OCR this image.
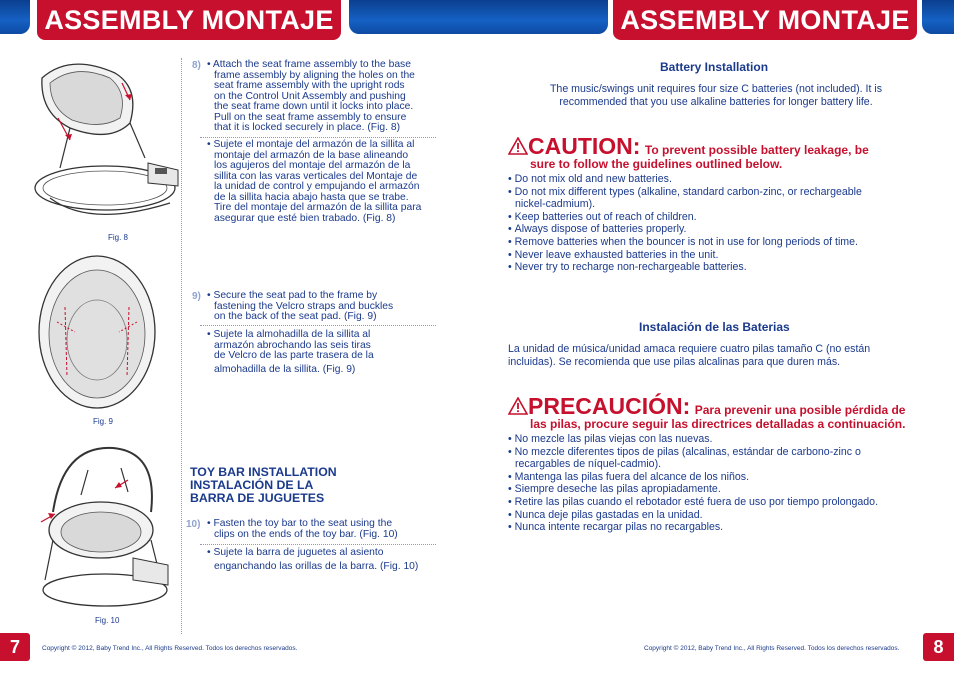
ASSEMBLY MONTAJE	ASSEMBLY MONTAJE
Fig. 8
Fig. 9
Fig. 10
8) • Attach the seat frame assembly to the base
frame assembly by aligning the holes on the
seat frame assembly with the upright rods
on the Control Unit Assembly and pushing
the seat frame down until it locks into place.
Pull on the seat frame assembly to ensure
that it is locked securely in place. (Fig. 8)
• Sujete el montaje del armazón de la sillita al
montaje del armazón de la base alineando
los agujeros del montaje del armazón de la
sillita con las varas verticales del Montaje de
la unidad de control y empujando el armazón
de la sillita hacia abajo hasta que se trabe.
Tire del montaje del armazón de la sillita para
asegurar que esté bien trabado. (Fig. 8)
9) • Secure the seat pad to the frame by
fastening the Velcro straps and buckles
on the back of the seat pad. (Fig. 9)
• Sujete la almohadilla de la sillita al
armazón abrochando las seis tiras
de Velcro de las parte trasera de la
almohadilla de la sillita. (Fig. 9)
TOY BAR INSTALLATION
INSTALACIÓN DE LA
BARRA DE JUGUETES
10) • Fasten the toy bar to the seat using the
clips on the ends of the toy bar. (Fig. 10)
• Sujete la barra de juguetes al asiento
enganchando las orillas de la barra. (Fig. 10)
Battery Installation
The music/swings unit requires four size C batteries (not included). It is
recommended that you use alkaline batteries for longer battery life.
CAUTION: To prevent possible battery leakage, be
sure to follow the guidelines outlined below.
• Do not mix old and new batteries.
• Do not mix different types (alkaline, standard carbon-zinc, or rechargeable
nickel-cadmium).
• Keep batteries out of reach of children.
• Always dispose of batteries properly.
• Remove batteries when the bouncer is not in use for long periods of time.
• Never leave exhausted batteries in the unit.
• Never try to recharge non-rechargeable batteries.
Instalación de las Baterias
La unidad de música/unidad amaca requiere cuatro pilas tamaño C (no están
incluidas). Se recomienda que use pilas alcalinas para que duren más.
PRECAUCIÓN: Para prevenir una posible pérdida de
las pilas, procure seguir las directrices detalladas a continuación.
• No mezcle las pilas viejas con las nuevas.
• No mezcle diferentes tipos de pilas (alcalinas, estándar de carbono-zinc o
recargables de níquel-cadmio).
• Mantenga las pilas fuera del alcance de los niños.
• Siempre deseche las pilas apropiadamente.
• Retire las pilas cuando el rebotador esté fuera de uso por tiempo prolongado.
• Nunca deje pilas gastadas en la unidad.
• Nunca intente recargar pilas no recargables.
7	Copyright © 2012, Baby Trend Inc., All Rights Reserved. Todos los derechos reservados.	Copyright © 2012, Baby Trend Inc., All Rights Reserved. Todos los derechos reservados.	8
